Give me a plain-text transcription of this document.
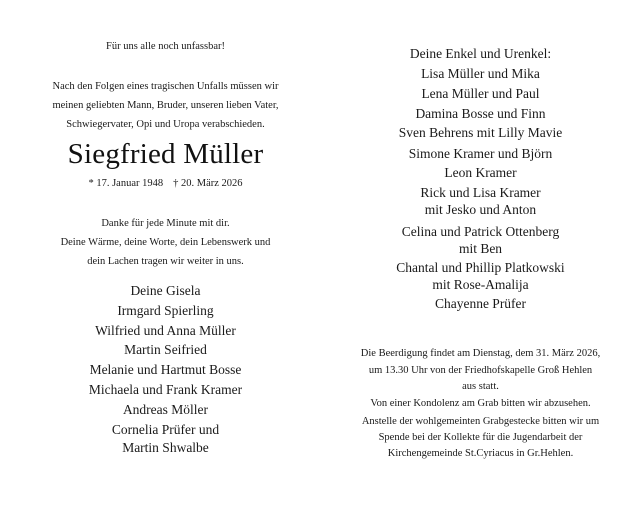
Für uns alle noch unfassbar!
Nach den Folgen eines tragischen Unfalls müssen wir
meinen geliebten Mann, Bruder, unseren lieben Vater,
Schwiegervater, Opi und Uropa verabschieden.
Siegfried Müller
* 17. Januar 1948 † 20. März 2026
Danke für jede Minute mit dir.
Deine Wärme, deine Worte, dein Lebenswerk und
dein Lachen tragen wir weiter in uns.
Deine Gisela
Irmgard Spierling
Wilfried und Anna Müller
Martin Seifried
Melanie und Hartmut Bosse
Michaela und Frank Kramer
Andreas Möller
Cornelia Prüfer und
Martin Shwalbe
Deine Enkel und Urenkel:
Lisa Müller und Mika
Lena Müller und Paul
Damina Bosse und Finn
Sven Behrens mit Lilly Mavie
Simone Kramer und Björn
Leon Kramer
Rick und Lisa Kramer
mit Jesko und Anton
Celina und Patrick Ottenberg
mit Ben
Chantal und Phillip Platkowski
mit Rose-Amalija
Chayenne Prüfer
Die Beerdigung findet am Dienstag, dem 31. März 2026,
um 13.30 Uhr von der Friedhofskapelle Groß Hehlen
aus statt.
Von einer Kondolenz am Grab bitten wir abzusehen.
Anstelle der wohlgemeinten Grabgestecke bitten wir um
Spende bei der Kollekte für die Jugendarbeit der
Kirchengemeinde St.Cyriacus in Gr.Hehlen.
